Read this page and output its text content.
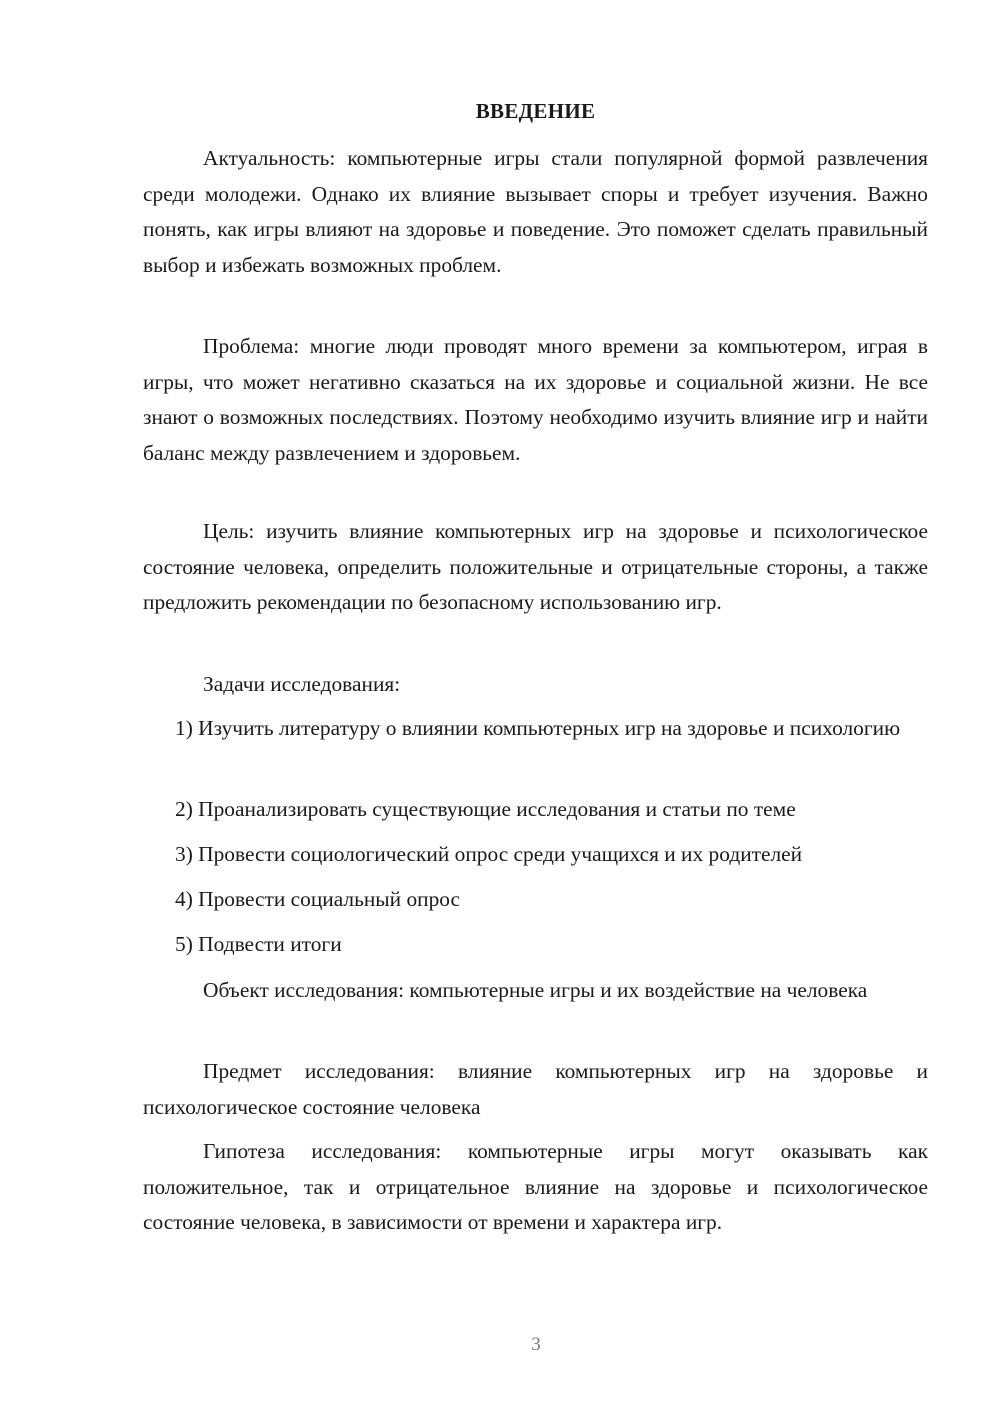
ВВЕДЕНИЕ

Актуальность: компьютерные игры стали популярной формой развлечения среди молодежи. Однако их влияние вызывает споры и требует изучения. Важно понять, как игры влияют на здоровье и поведение. Это поможет сделать правильный выбор и избежать возможных проблем.

Проблема: многие люди проводят много времени за компьютером, играя в игры, что может негативно сказаться на их здоровье и социальной жизни. Не все знают о возможных последствиях. Поэтому необходимо изучить влияние игр и найти баланс между развлечением и здоровьем.

Цель: изучить влияние компьютерных игр на здоровье и психологическое состояние человека, определить положительные и отрицательные стороны, а также предложить рекомендации по безопасному использованию игр.

Задачи исследования:

1) Изучить литературу о влиянии компьютерных игр на здоровье и психологию

2) Проанализировать существующие исследования и статьи по теме

3) Провести социологический опрос среди учащихся и их родителей

4) Провести социальный опрос

5) Подвести итоги

Объект исследования: компьютерные игры и их воздействие на человека

Предмет исследования: влияние компьютерных игр на здоровье и психологическое состояние человека

Гипотеза исследования: компьютерные игры могут оказывать как положительное, так и отрицательное влияние на здоровье и психологическое состояние человека, в зависимости от времени и характера игр.

3
